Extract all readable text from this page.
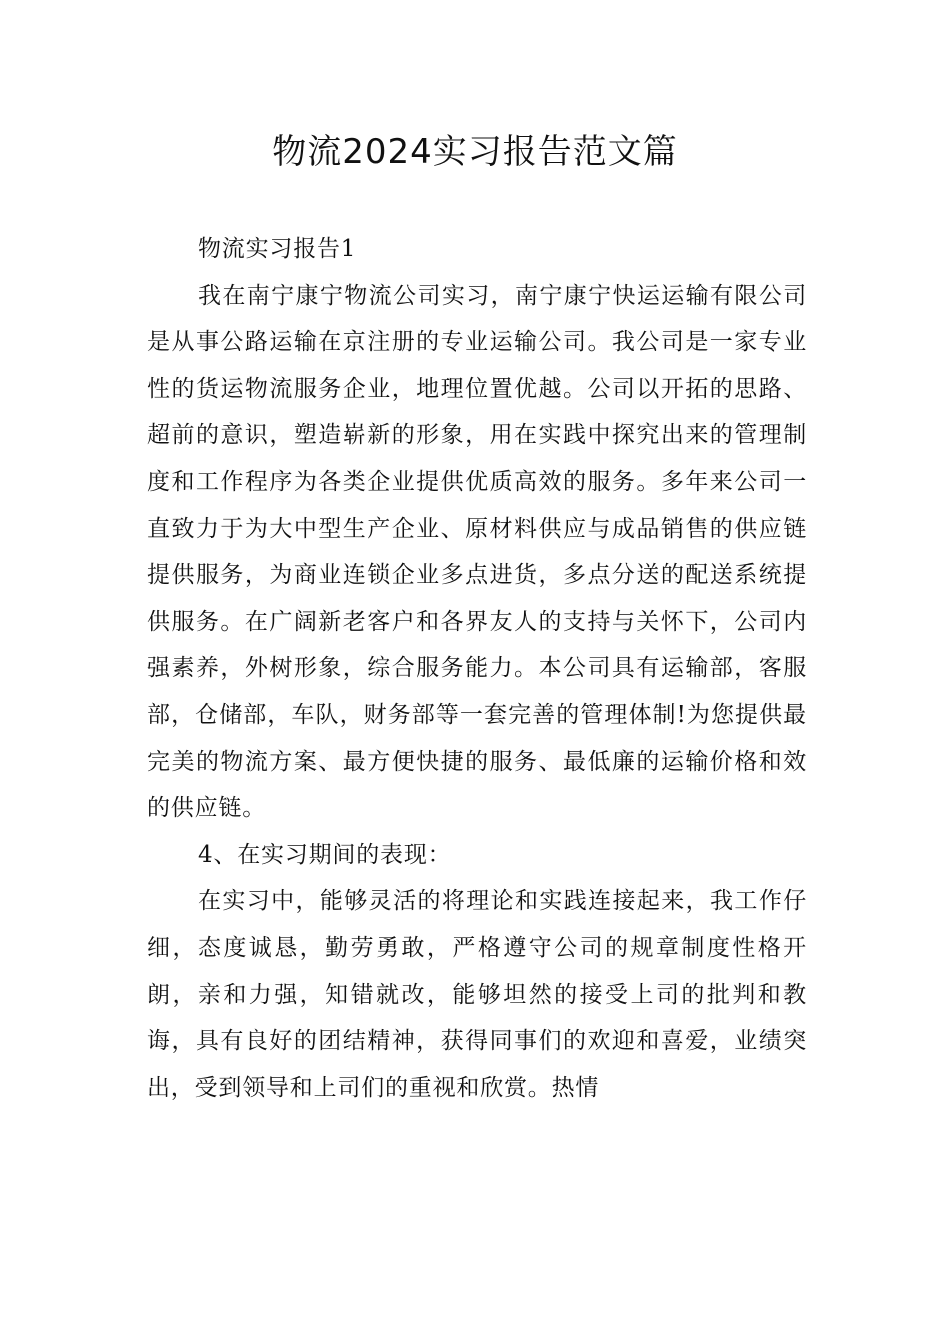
物流2024实习报告范文篇

物流实习报告1

我在南宁康宁物流公司实习，南宁康宁快运运输有限公司是从事公路运输在京注册的专业运输公司。我公司是一家专业性的货运物流服务企业，地理位置优越。公司以开拓的思路、超前的意识，塑造崭新的形象，用在实践中探究出来的管理制度和工作程序为各类企业提供优质高效的服务。多年来公司一直致力于为大中型生产企业、原材料供应与成品销售的供应链提供服务，为商业连锁企业多点进货，多点分送的配送系统提供服务。在广阔新老客户和各界友人的支持与关怀下，公司内强素养，外树形象，综合服务能力。本公司具有运输部，客服部，仓储部，车队，财务部等一套完善的管理体制!为您提供最完美的物流方案、最方便快捷的服务、最低廉的运输价格和效的供应链。

4、在实习期间的表现：

在实习中，能够灵活的将理论和实践连接起来，我工作仔细，态度诚恳，勤劳勇敢，严格遵守公司的规章制度性格开朗，亲和力强，知错就改，能够坦然的接受上司的批判和教诲，具有良好的团结精神，获得同事们的欢迎和喜爱，业绩突出，受到领导和上司们的重视和欣赏。热情
